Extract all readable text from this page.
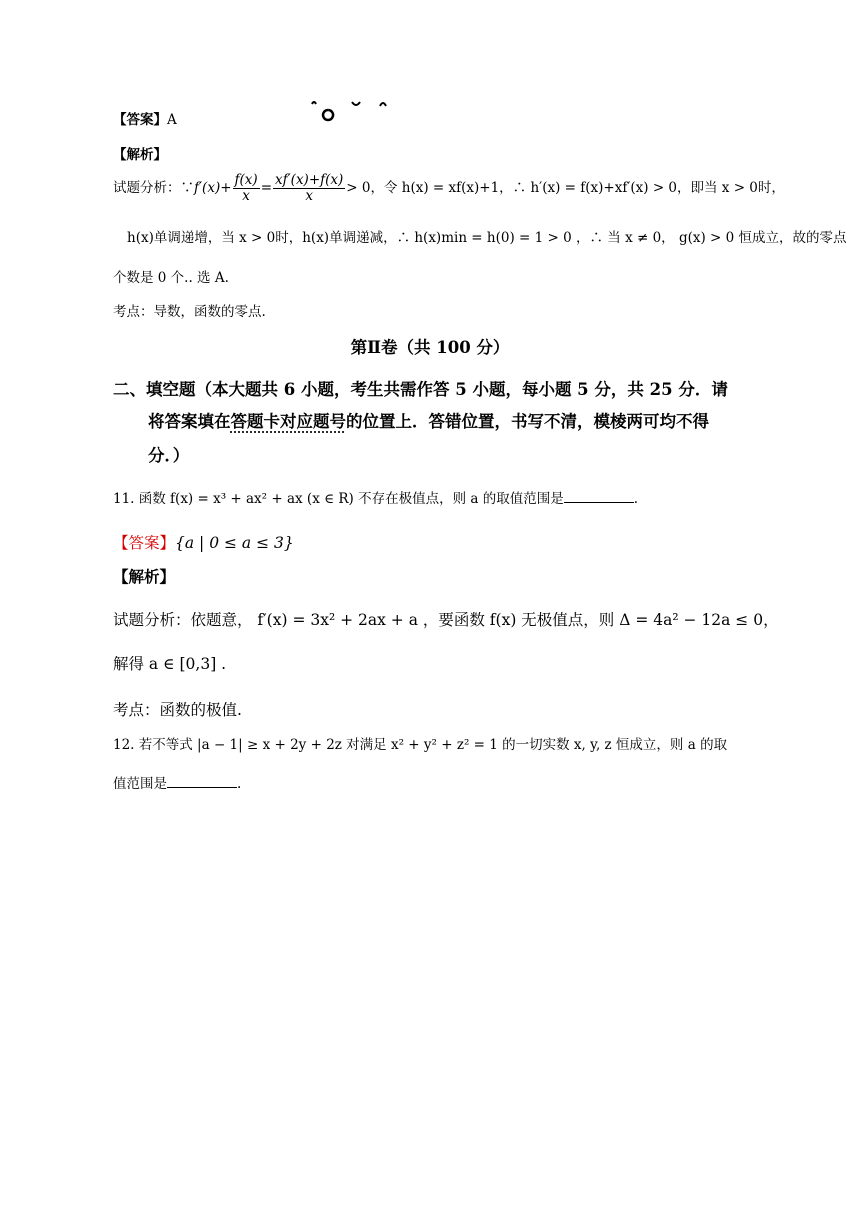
【答案】A
【解析】
试题分析：∵f′(x)+ $\frac{f(x)}{x} = \frac{xf'(x)+f(x)}{x} > 0$，令 h(x) = xf(x)+1，∴ h′(x) = f(x)+xf′(x) > 0，即当 x > 0时，
h(x)单调递增，当 x > 0时，h(x)单调递减，∴ h(x)min = h(0) = 1 > 0 ，∴ 当 x ≠ 0， g(x) > 0 恒成立，故的零点
个数是 0 个.. 选 A.
考点：导数，函数的零点.
第Ⅱ卷（共 100 分）
二、填空题（本大题共 6 小题，考生共需作答 5 小题，每小题 5 分，共 25 分．请
将答案填在答题卡对应题号的位置上．答错位置，书写不清，模棱两可均不得
分．）
11. 函数 f(x) = x³ + ax² + ax (x ∈ R) 不存在极值点，则 a 的取值范围是	.
【答案】{a | 0 ≤ a ≤ 3}
【解析】
试题分析：依题意， f′(x) = 3x² + 2ax + a ，要函数 f(x) 无极值点，则 Δ = 4a² − 12a ≤ 0，
解得 a ∈ [0,3] .
考点：函数的极值.
12. 若不等式 |a − 1| ≥ x + 2y + 2z 对满足 x² + y² + z² = 1 的一切实数 x, y, z 恒成立，则 a 的取
值范围是	.
